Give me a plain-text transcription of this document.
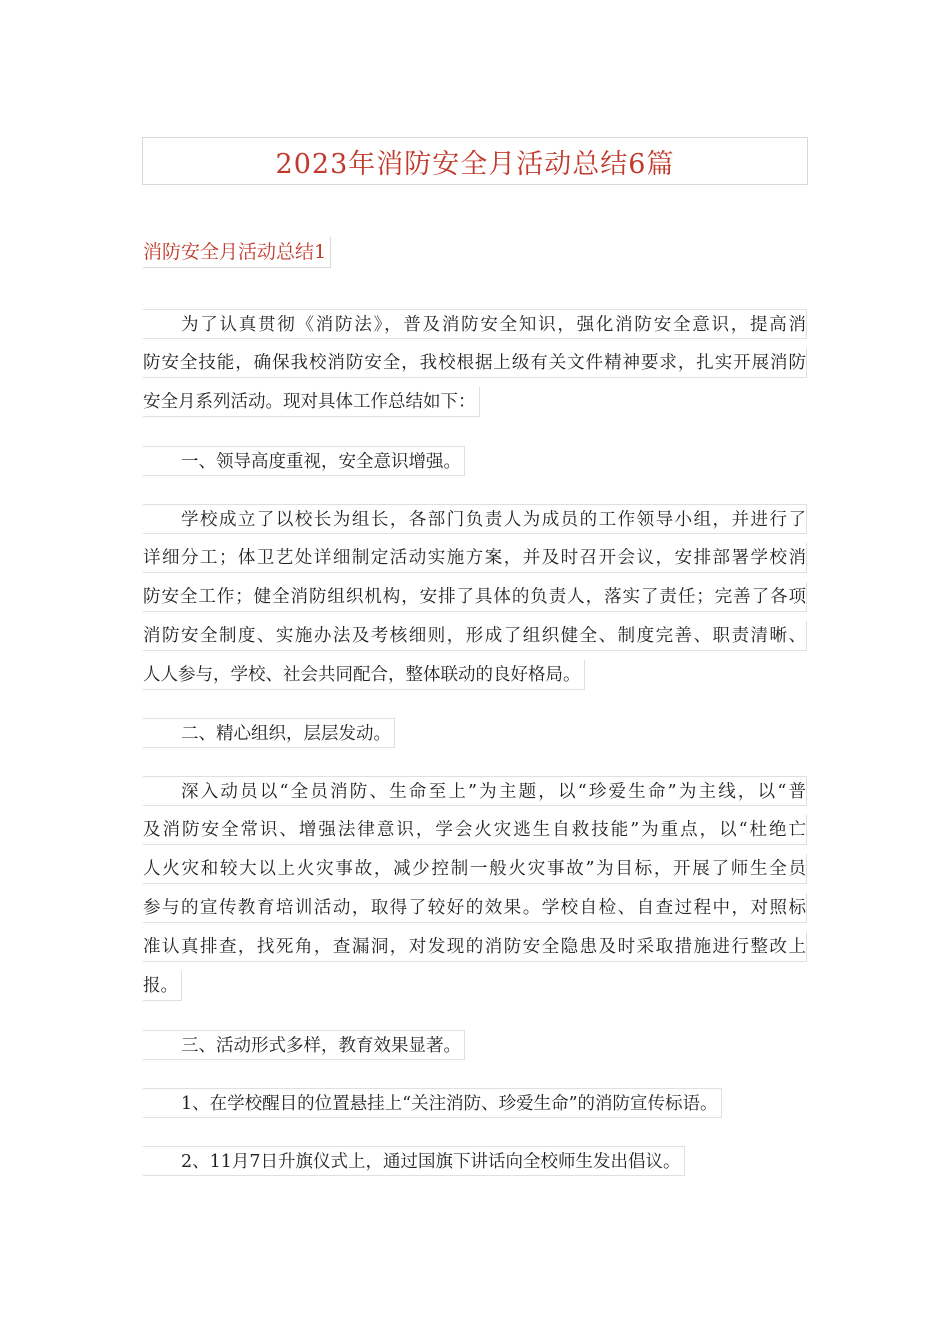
2023年消防安全月活动总结6篇
消防安全月活动总结1
为了认真贯彻《消防法》，普及消防安全知识，强化消防安全意识，提高消
防安全技能，确保我校消防安全，我校根据上级有关文件精神要求，扎实开展消防
安全月系列活动。现对具体工作总结如下：
一、领导高度重视，安全意识增强。
学校成立了以校长为组长，各部门负责人为成员的工作领导小组，并进行了
详细分工；体卫艺处详细制定活动实施方案，并及时召开会议，安排部署学校消
防安全工作；健全消防组织机构，安排了具体的负责人，落实了责任；完善了各项
消防安全制度、实施办法及考核细则，形成了组织健全、制度完善、职责清晰、
人人参与，学校、社会共同配合，整体联动的良好格局。
二、精心组织，层层发动。
深入动员以“全员消防、生命至上”为主题，以“珍爱生命”为主线，以“普
及消防安全常识、增强法律意识，学会火灾逃生自救技能”为重点，以“杜绝亡
人火灾和较大以上火灾事故，减少控制一般火灾事故”为目标，开展了师生全员
参与的宣传教育培训活动，取得了较好的效果。学校自检、自查过程中，对照标
准认真排查，找死角，查漏洞，对发现的消防安全隐患及时采取措施进行整改上
报。
三、活动形式多样，教育效果显著。
1、在学校醒目的位置悬挂上“关注消防、珍爱生命”的消防宣传标语。
2、11月7日升旗仪式上，通过国旗下讲话向全校师生发出倡议。
